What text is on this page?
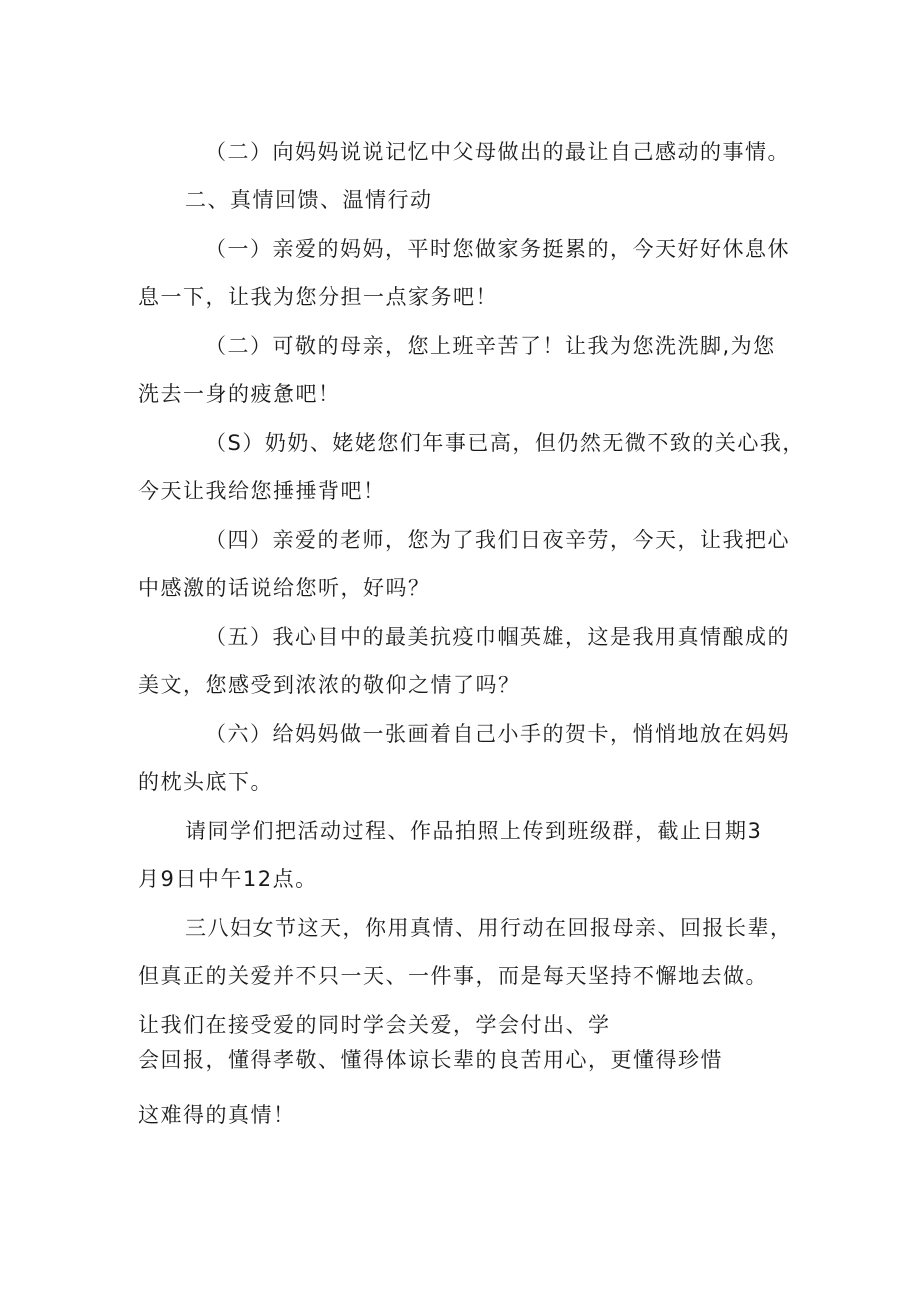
（二）向妈妈说说记忆中父母做出的最让自己感动的事情。

二、真情回馈、温情行动

（一）亲爱的妈妈，平时您做家务挺累的，今天好好休息休

息一下，让我为您分担一点家务吧！

（二）可敬的母亲，您上班辛苦了！让我为您洗洗脚,为您

洗去一身的疲惫吧！

（S）奶奶、姥姥您们年事已高，但仍然无微不致的关心我，

今天让我给您捶捶背吧！

（四）亲爱的老师，您为了我们日夜辛劳，今天，让我把心

中感激的话说给您听，好吗？

（五）我心目中的最美抗疫巾帼英雄，这是我用真情酿成的

美文，您感受到浓浓的敬仰之情了吗？

（六）给妈妈做一张画着自己小手的贺卡，悄悄地放在妈妈

的枕头底下。

请同学们把活动过程、作品拍照上传到班级群，截止日期3

月9日中午12点。

三八妇女节这天，你用真情、用行动在回报母亲、回报长辈，

但真正的关爱并不只一天、一件事，而是每天坚持不懈地去做。

让我们在接受爱的同时学会关爱，学会付出、学

会回报，懂得孝敬、懂得体谅长辈的良苦用心，更懂得珍惜

这难得的真情！
